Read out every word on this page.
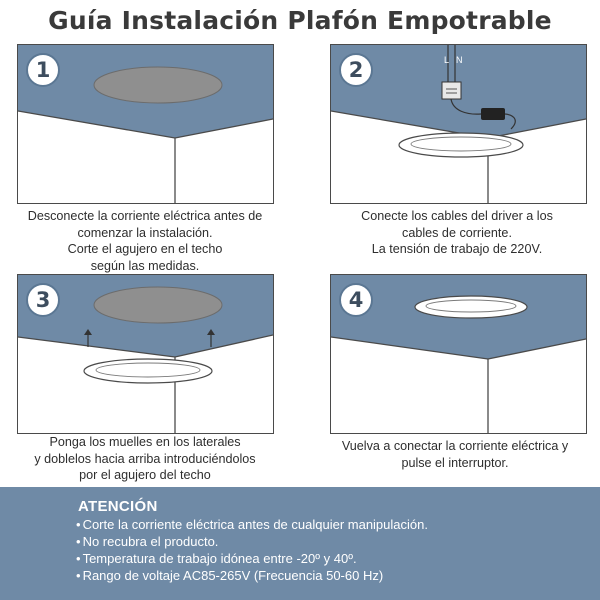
Guía Instalación Plafón Empotrable
1
Desconecte la corriente eléctrica antes de
comenzar la instalación.
Corte el agujero en el techo
según las medidas.
L N
2
Conecte los cables del driver a los
cables de corriente.
La tensión de trabajo de 220V.
3
Ponga los muelles en los laterales
y doblelos hacia arriba introduciéndolos
por el agujero del techo
4
Vuelva a conectar la corriente eléctrica y
pulse el interruptor.
ATENCIÓN
• Corte la corriente eléctrica antes de cualquier manipulación.
• No recubra el producto.
• Temperatura de trabajo idónea entre -20º y 40º.
• Rango de voltaje AC85-265V (Frecuencia 50-60 Hz)
